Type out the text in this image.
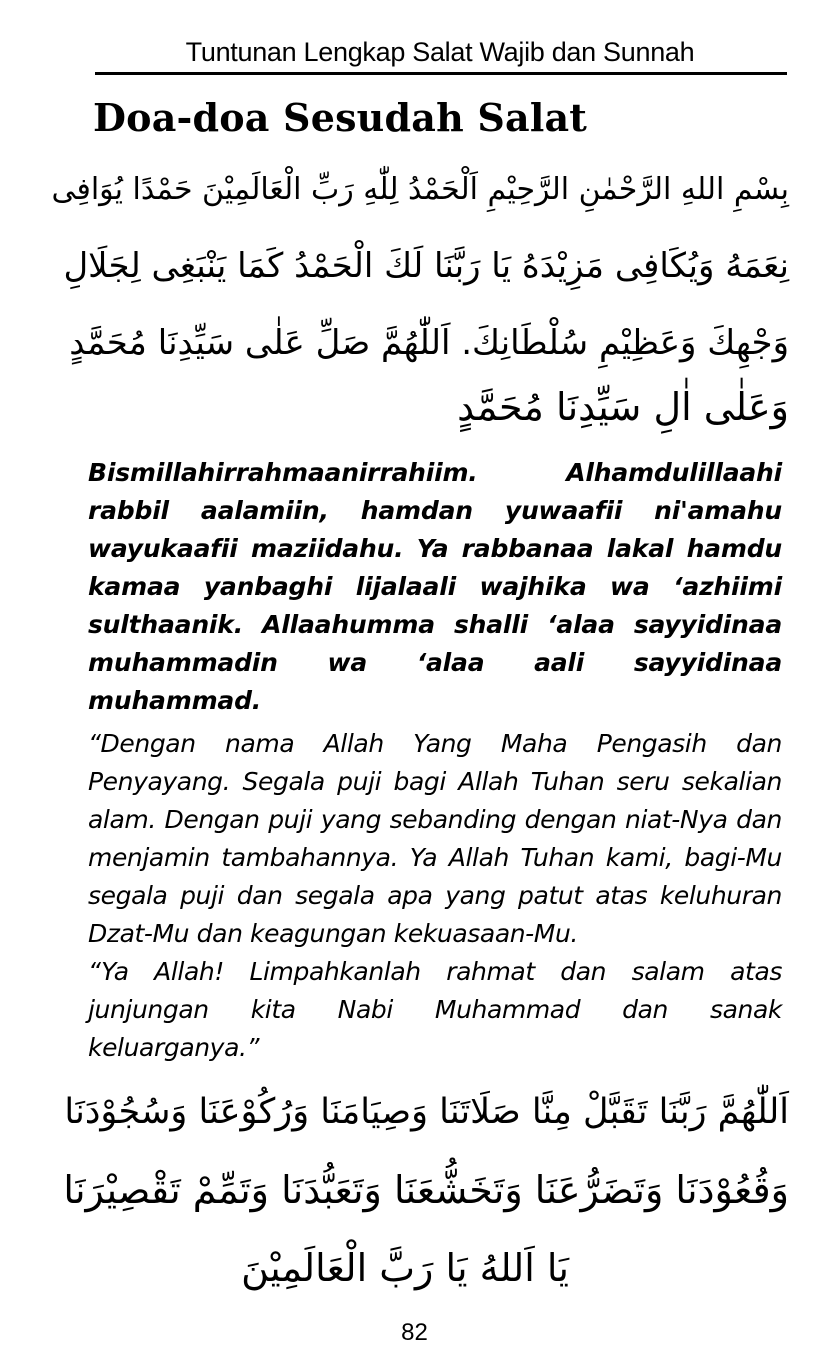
Tuntunan Lengkap Salat Wajib dan Sunnah
Doa-doa Sesudah Salat
بِسْمِ اللهِ الرَّحْمٰنِ الرَّحِيْمِ اَلْحَمْدُ لِلّٰهِ رَبِّ الْعَالَمِيْنَ حَمْدًا يُوَافِى
نِعَمَهُ وَيُكَافِى مَزِيْدَهُ يَا رَبَّنَا لَكَ الْحَمْدُ كَمَا يَنْبَغِى لِجَلَالِ
وَجْهِكَ وَعَظِيْمِ سُلْطَانِكَ. اَللّٰهُمَّ صَلِّ عَلٰى سَيِّدِنَا مُحَمَّدٍ
وَعَلٰى اٰلِ سَيِّدِنَا مُحَمَّدٍ

Bismillahirrahmaanirrahiim. Alhamdulillaahi rabbil aalamiin, hamdan yuwaafii ni'amahu wayukaafii maziidahu. Ya rabbanaa lakal hamdu kamaa yanbaghi lijalaali wajhika wa ‘azhiimi sulthaanik. Allaahumma shalli ‘alaa sayyidinaa muhammadin wa ‘alaa aali sayyidinaa muhammad.

“Dengan nama Allah Yang Maha Pengasih dan Penyayang. Segala puji bagi Allah Tuhan seru sekalian alam. Dengan puji yang sebanding dengan niat-Nya dan menjamin tambahannya. Ya Allah Tuhan kami, bagi-Mu segala puji dan segala apa yang patut atas keluhuran Dzat-Mu dan keagungan kekuasaan-Mu.
“Ya Allah! Limpahkanlah rahmat dan salam atas junjungan kita Nabi Muhammad dan sanak keluarganya.”
اَللّٰهُمَّ رَبَّنَا تَقَبَّلْ مِنَّا صَلَاتَنَا وَصِيَامَنَا وَرُكُوْعَنَا وَسُجُوْدَنَا
وَقُعُوْدَنَا وَتَضَرُّعَنَا وَتَخَشُّعَنَا وَتَعَبُّدَنَا وَتَمِّمْ تَقْصِيْرَنَا
يَا اَللهُ يَا رَبَّ الْعَالَمِيْنَ
82
